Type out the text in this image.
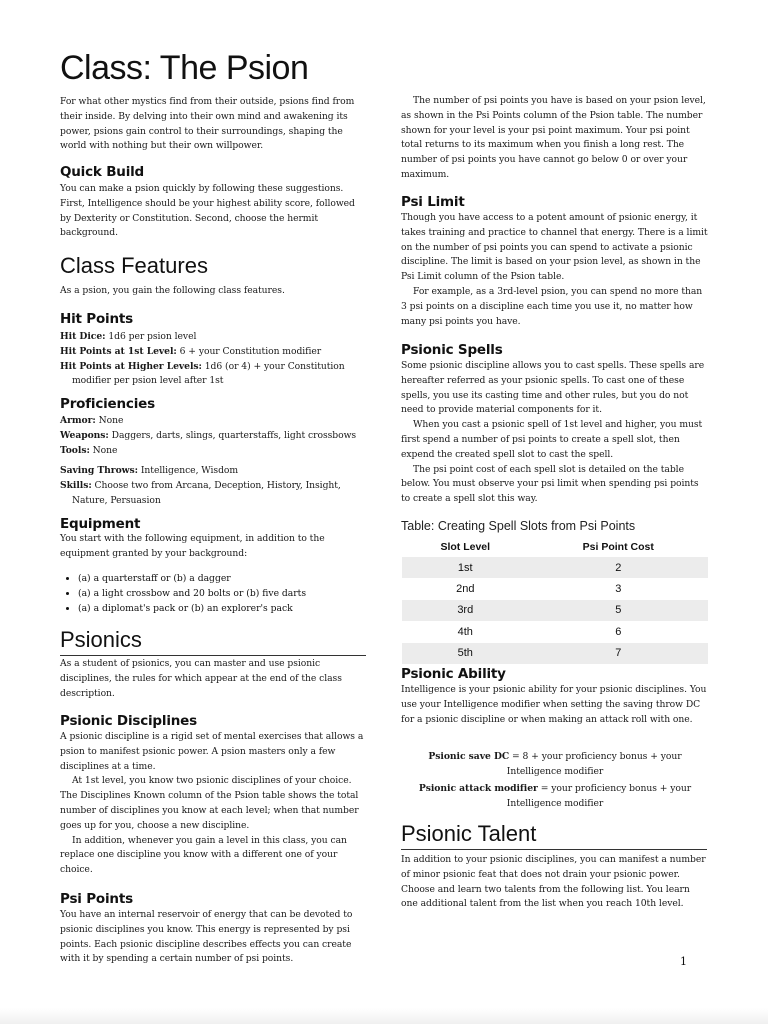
Class: The Psion

For what other mystics find from their outside, psions find from their inside. By delving into their own mind and awakening its power, psions gain control to their surroundings, shaping the world with nothing but their own willpower.

Quick Build

You can make a psion quickly by following these suggestions. First, Intelligence should be your highest ability score, followed by Dexterity or Constitution. Second, choose the hermit background.

Class Features

As a psion, you gain the following class features.

Hit Points
Hit Dice: 1d6 per psion level
Hit Points at 1st Level: 6 + your Constitution modifier
Hit Points at Higher Levels: 1d6 (or 4) + your Constitution modifier per psion level after 1st
Proficiencies
Armor: None
Weapons: Daggers, darts, slings, quarterstaffs, light crossbows
Tools: None
Saving Throws: Intelligence, Wisdom
Skills: Choose two from Arcana, Deception, History, Insight, Nature, Persuasion
Equipment

You start with the following equipment, in addition to the equipment granted by your background:

• (a) a quarterstaff or (b) a dagger
• (a) a light crossbow and 20 bolts or (b) five darts
• (a) a diplomat's pack or (b) an explorer's pack
Psionics

As a student of psionics, you can master and use psionic disciplines, the rules for which appear at the end of the class description.

Psionic Disciplines

A psionic discipline is a rigid set of mental exercises that allows a psion to manifest psionic power. A psion masters only a few disciplines at a time.

At 1st level, you know two psionic disciplines of your choice. The Disciplines Known column of the Psion table shows the total number of disciplines you know at each level; when that number goes up for you, choose a new discipline.

In addition, whenever you gain a level in this class, you can replace one discipline you know with a different one of your choice.

Psi Points

You have an internal reservoir of energy that can be devoted to psionic disciplines you know. This energy is represented by psi points. Each psionic discipline describes effects you can create with it by spending a certain number of psi points.

The number of psi points you have is based on your psion level, as shown in the Psi Points column of the Psion table. The number shown for your level is your psi point maximum. Your psi point total returns to its maximum when you finish a long rest. The number of psi points you have cannot go below 0 or over your maximum.

Psi Limit

Though you have access to a potent amount of psionic energy, it takes training and practice to channel that energy. There is a limit on the number of psi points you can spend to activate a psionic discipline. The limit is based on your psion level, as shown in the Psi Limit column of the Psion table.

For example, as a 3rd-level psion, you can spend no more than 3 psi points on a discipline each time you use it, no matter how many psi points you have.

Psionic Spells

Some psionic discipline allows you to cast spells. These spells are hereafter referred as your psionic spells. To cast one of these spells, you use its casting time and other rules, but you do not need to provide material components for it.

When you cast a psionic spell of 1st level and higher, you must first spend a number of psi points to create a spell slot, then expend the created spell slot to cast the spell.

The psi point cost of each spell slot is detailed on the table below. You must observe your psi limit when spending psi points to create a spell slot this way.

Table: Creating Spell Slots from Psi Points
Slot Level	Psi Point Cost
1st	2
2nd	3
3rd	5
4th	6
5th	7
Psionic Ability

Intelligence is your psionic ability for your psionic disciplines. You use your Intelligence modifier when setting the saving throw DC for a psionic discipline or when making an attack roll with one.

Psionic save DC = 8 + your proficiency bonus + your
Intelligence modifier
Psionic attack modifier = your proficiency bonus + your
Intelligence modifier
Psionic Talent

In addition to your psionic disciplines, you can manifest a number of minor psionic feat that does not drain your psionic power. Choose and learn two talents from the following list. You learn one additional talent from the list when you reach 10th level.

1
